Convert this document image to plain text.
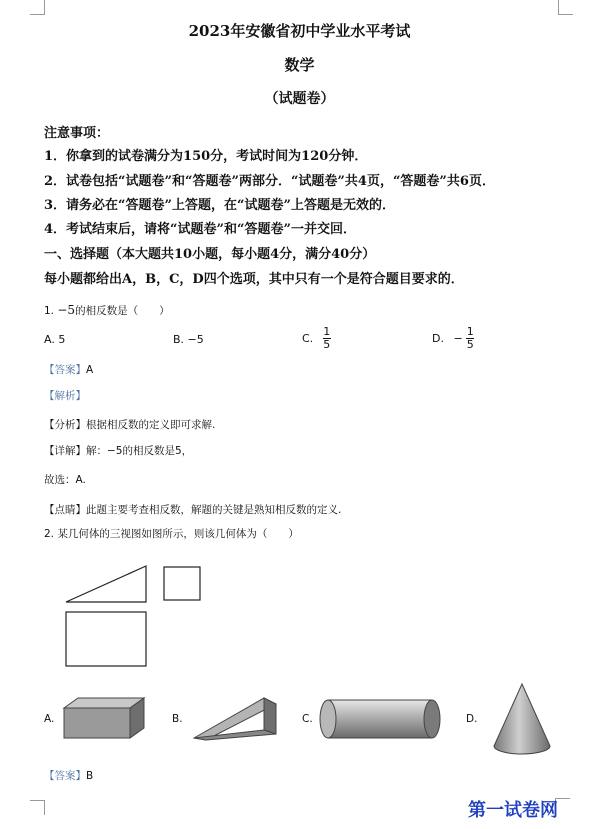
2023年安徽省初中学业水平考试
数学
（试题卷）
注意事项：
1．你拿到的试卷满分为150分，考试时间为120分钟．
2．试卷包括“试题卷”和“答题卷”两部分．“试题卷”共4页，“答题卷”共6页．
3．请务必在“答题卷”上答题，在“试题卷”上答题是无效的．
4．考试结束后，请将“试题卷”和“答题卷”一并交回．
一、选择题（本大题共10小题，每小题4分，满分40分）
每小题都给出A，B，C，D四个选项，其中只有一个是符合题目要求的．
1. −5的相反数是（　　）
A. 5	B. −5	C. $\frac{1}{5}$	D. − $\frac{1}{5}$
【答案】A
【解析】
【分析】根据相反数的定义即可求解.
【详解】解：−5的相反数是5，
故选：A.
【点睛】此题主要考查相反数，解题的关键是熟知相反数的定义.
2. 某几何体的三视图如图所示，则该几何体为（　　）
A.	B.	C.	D.
【答案】B
第一试卷网
